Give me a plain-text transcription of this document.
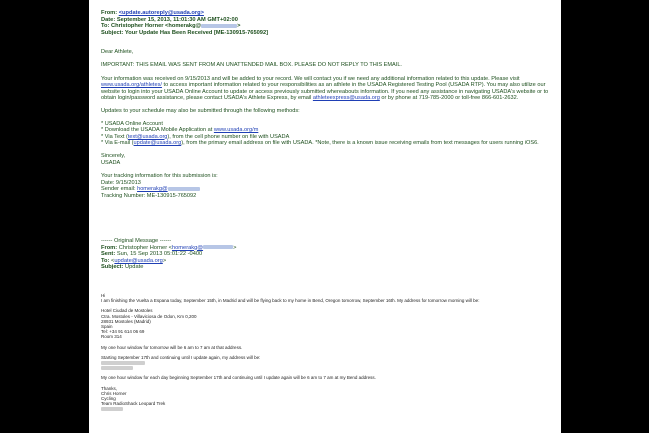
From: <update.autoreply@usada.org>
Date: September 15, 2013, 11:01:30 AM GMT+02:00
To: Christopher Horner <homerakg@	>
Subject: Your Update Has Been Received [ME-130915-765092]

Dear Athlete,

IMPORTANT: THIS EMAIL WAS SENT FROM AN UNATTENDED MAIL BOX. PLEASE DO NOT REPLY TO THIS EMAIL.

Your information was received on 9/15/2013 and will be added to your record. We will contact you if we need any additional information related to this update. Please visit www.usada.org/athletes/ to access important information related to your responsibilities as an athlete in the USADA Registered Testing Pool (USADA RTP). You may also utilize our website to login into your USADA Online Account to update or access previously submitted whereabouts information. If you need any assistance in navigating USADA's website or to obtain login/password assistance, please contact USADA's Athlete Express, by email athleteexpress@usada.org or by phone at 719-785-2000 or toll-free 866-601-2632.

Updates to your schedule may also be submitted through the following methods:

* USADA Online Account

* Download the USADA Mobile Application at www.usada.org/m

* Via Text (text@usada.org), from the cell phone number on file with USADA

* Via E-mail (update@usada.org), from the primary email address on file with USADA. *Note, there is a known issue receiving emails from text messages for users running iOS6.

Sincerely,

USADA

Your tracking information for this submission is:

Date: 9/15/2013

Sender email: homerakg@

Tracking Number: ME-130915-765092

------ Original Message ------
From: Christopher Horner <homerakg@	>
Sent: Sun, 15 Sep 2013 05:01:22 -0400
To: <update@usada.org>
Subject: Update

Hi

I am finishing the Vuelta a Espana today, September 15th, in Madrid and will be flying back to my home in Bend, Oregon tomorrow, September 16th. My address for tomorrow morning will be:

Hotel Ciudad de Mostoles

Ctra. Mostoles - Villaviciosa de Odon, Km 0,200

28931 Mostoles (Madrid)

Spain

Tel: +34 91 614 06 69

Room 314

My one hour window for tomorrow will be 6 am to 7 am at that address.

Starting September 17th and continuing until I update again, my address will be:

My one hour window for each day beginning September 17th and continuing until I update again will be 6 am to 7 am at my Bend address.

Thanks,

Chris Horner

Cycling

Team RadioShack Leopard Trek
